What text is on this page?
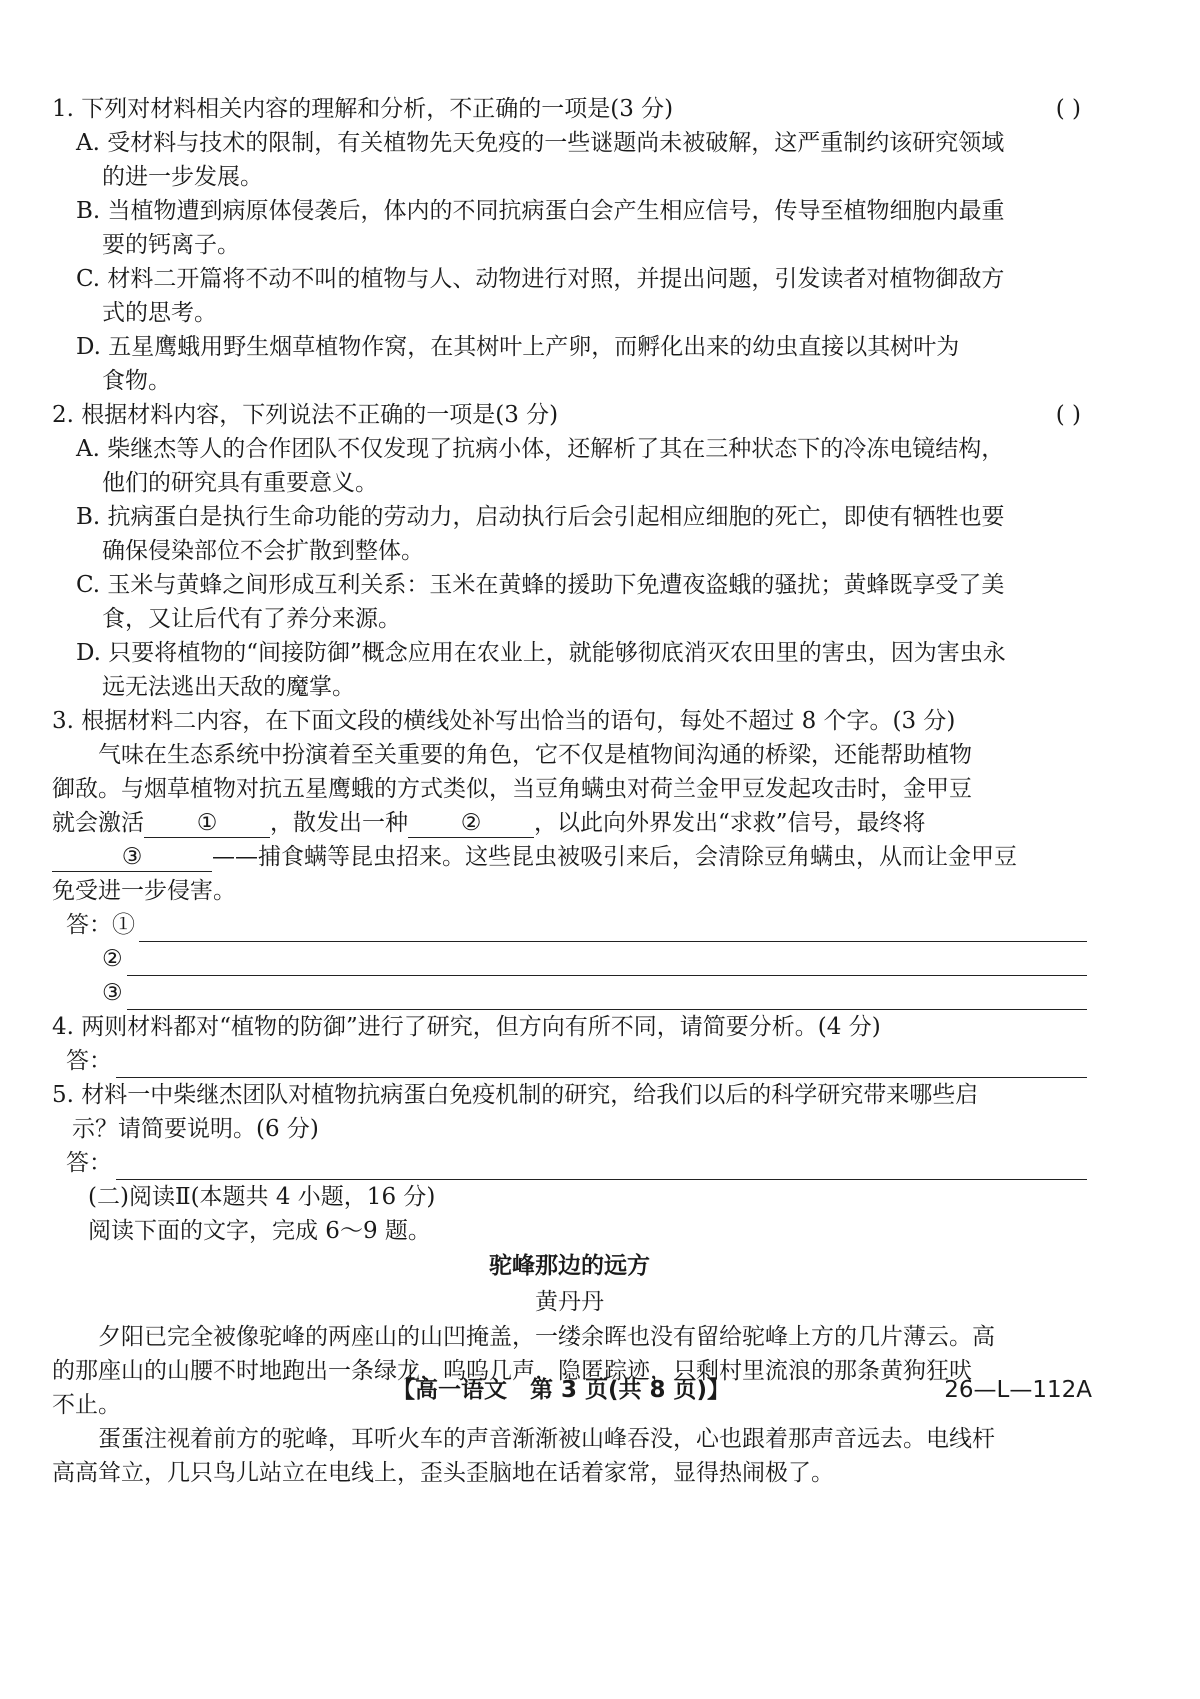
1. 下列对材料相关内容的理解和分析，不正确的一项是(3 分)	( )
A. 受材料与技术的限制，有关植物先天免疫的一些谜题尚未被破解，这严重制约该研究领域
的进一步发展。
B. 当植物遭到病原体侵袭后，体内的不同抗病蛋白会产生相应信号，传导至植物细胞内最重
要的钙离子。
C. 材料二开篇将不动不叫的植物与人、动物进行对照，并提出问题，引发读者对植物御敌方
式的思考。
D. 五星鹰蛾用野生烟草植物作窝，在其树叶上产卵，而孵化出来的幼虫直接以其树叶为
食物。
2. 根据材料内容，下列说法不正确的一项是(3 分)	( )
A. 柴继杰等人的合作团队不仅发现了抗病小体，还解析了其在三种状态下的冷冻电镜结构，
他们的研究具有重要意义。
B. 抗病蛋白是执行生命功能的劳动力，启动执行后会引起相应细胞的死亡，即使有牺牲也要
确保侵染部位不会扩散到整体。
C. 玉米与黄蜂之间形成互利关系：玉米在黄蜂的援助下免遭夜盗蛾的骚扰；黄蜂既享受了美
食，又让后代有了养分来源。
D. 只要将植物的“间接防御”概念应用在农业上，就能够彻底消灭农田里的害虫，因为害虫永
远无法逃出天敌的魔掌。
3. 根据材料二内容，在下面文段的横线处补写出恰当的语句，每处不超过 8 个字。(3 分)
气味在生态系统中扮演着至关重要的角色，它不仅是植物间沟通的桥梁，还能帮助植物
御敌。与烟草植物对抗五星鹰蛾的方式类似，当豆角螨虫对荷兰金甲豆发起攻击时，金甲豆
就会激活 ① ，散发出一种 ② ，以此向外界发出“求救”信号，最终将
③	——捕食螨等昆虫招来。这些昆虫被吸引来后，会清除豆角螨虫，从而让金甲豆
免受进一步侵害。
答：①
②
③
4. 两则材料都对“植物的防御”进行了研究，但方向有所不同，请简要分析。(4 分)
答：
5. 材料一中柴继杰团队对植物抗病蛋白免疫机制的研究，给我们以后的科学研究带来哪些启
示？请简要说明。(6 分)
答：
(二)阅读Ⅱ(本题共 4 小题，16 分)
阅读下面的文字，完成 6～9 题。
驼峰那边的远方
黄丹丹
夕阳已完全被像驼峰的两座山的山凹掩盖，一缕余晖也没有留给驼峰上方的几片薄云。高
的那座山的山腰不时地跑出一条绿龙，呜呜几声，隐匿踪迹，只剩村里流浪的那条黄狗狂吠
不止。
蛋蛋注视着前方的驼峰，耳听火车的声音渐渐被山峰吞没，心也跟着那声音远去。电线杆
高高耸立，几只鸟儿站立在电线上，歪头歪脑地在话着家常，显得热闹极了。
【高一语文　第 3 页(共 8 页)】	26—L—112A
